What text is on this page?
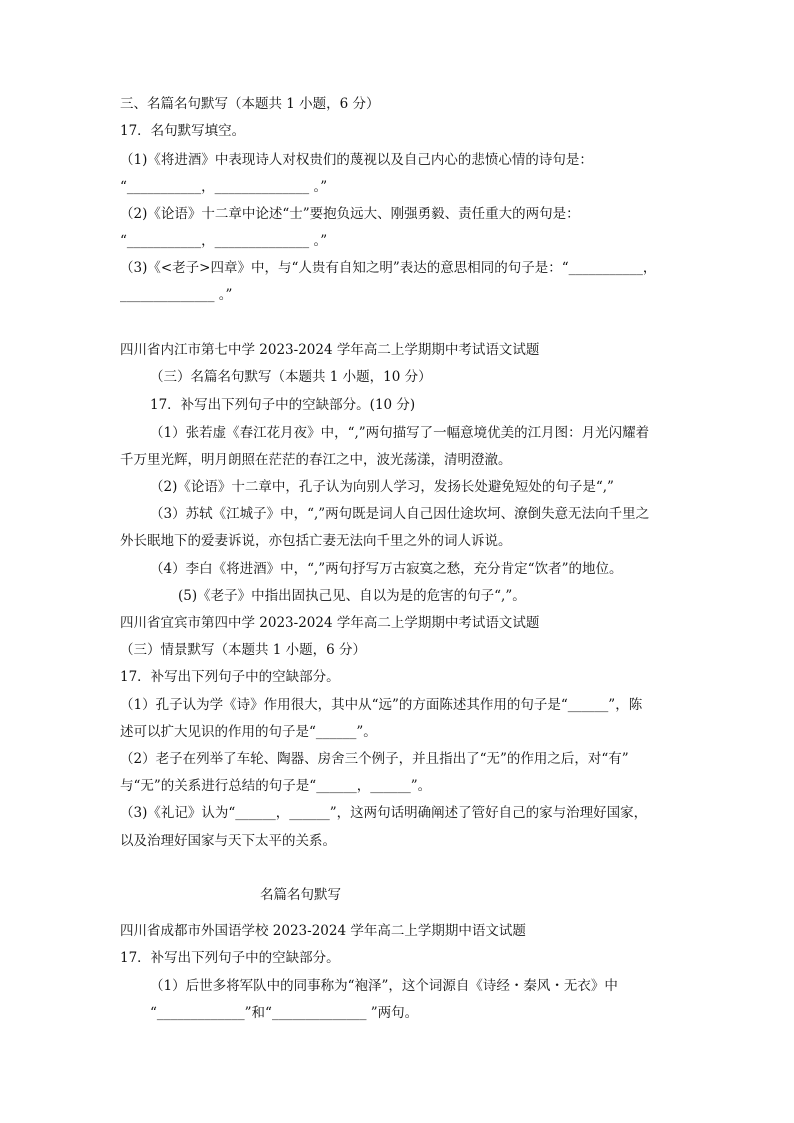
三、名篇名句默写（本题共 1 小题，6 分）
17．名句默写填空。
（1)《将进酒》中表现诗人对权贵们的蔑视以及自己内心的悲愤心情的诗句是：
“___________，______________ 。”
（2)《论语》十二章中论述“士”要抱负远大、刚强勇毅、责任重大的两句是：
“___________，______________ 。”
（3)《<老子>四章》中，与“人贵有自知之明”表达的意思相同的句子是：“___________，
______________ 。”
四川省内江市第七中学 2023-2024 学年高二上学期期中考试语文试题
（三）名篇名句默写（本题共 1 小题，10 分）
17．补写出下列句子中的空缺部分。(10 分)
（1）张若虚《春江花月夜》中，“,”两句描写了一幅意境优美的江月图：月光闪耀着
千万里光辉，明月朗照在茫茫的春江之中，波光荡漾，清明澄澈。
（2)《论语》十二章中，孔子认为向别人学习，发扬长处避免短处的句子是“,”
（3）苏轼《江城子》中，“,”两句既是词人自己因仕途坎坷、潦倒失意无法向千里之
外长眠地下的爱妻诉说，亦包括亡妻无法向千里之外的词人诉说。
（4）李白《将进酒》中，“,”两句抒写万古寂寞之愁，充分肯定“饮者”的地位。
(5)《老子》中指出固执己见、自以为是的危害的句子“,”。
四川省宜宾市第四中学 2023-2024 学年高二上学期期中考试语文试题
（三）情景默写（本题共 1 小题，6 分）
17．补写出下列句子中的空缺部分。
（1）孔子认为学《诗》作用很大，其中从“远”的方面陈述其作用的句子是“______”，陈
述可以扩大见识的作用的句子是“______”。
（2）老子在列举了车轮、陶器、房舍三个例子，并且指出了“无”的作用之后，对“有”
与“无”的关系进行总结的句子是“______，______”。
（3)《礼记》认为“______，______”，这两句话明确阐述了管好自己的家与治理好国家，
以及治理好国家与天下太平的关系。
名篇名句默写
四川省成都市外国语学校 2023-2024 学年高二上学期期中语文试题
17．补写出下列句子中的空缺部分。
（1）后世多将军队中的同事称为“袍泽”，这个词源自《诗经・秦风・无衣》中
“_____________”和“______________ ”两句。
